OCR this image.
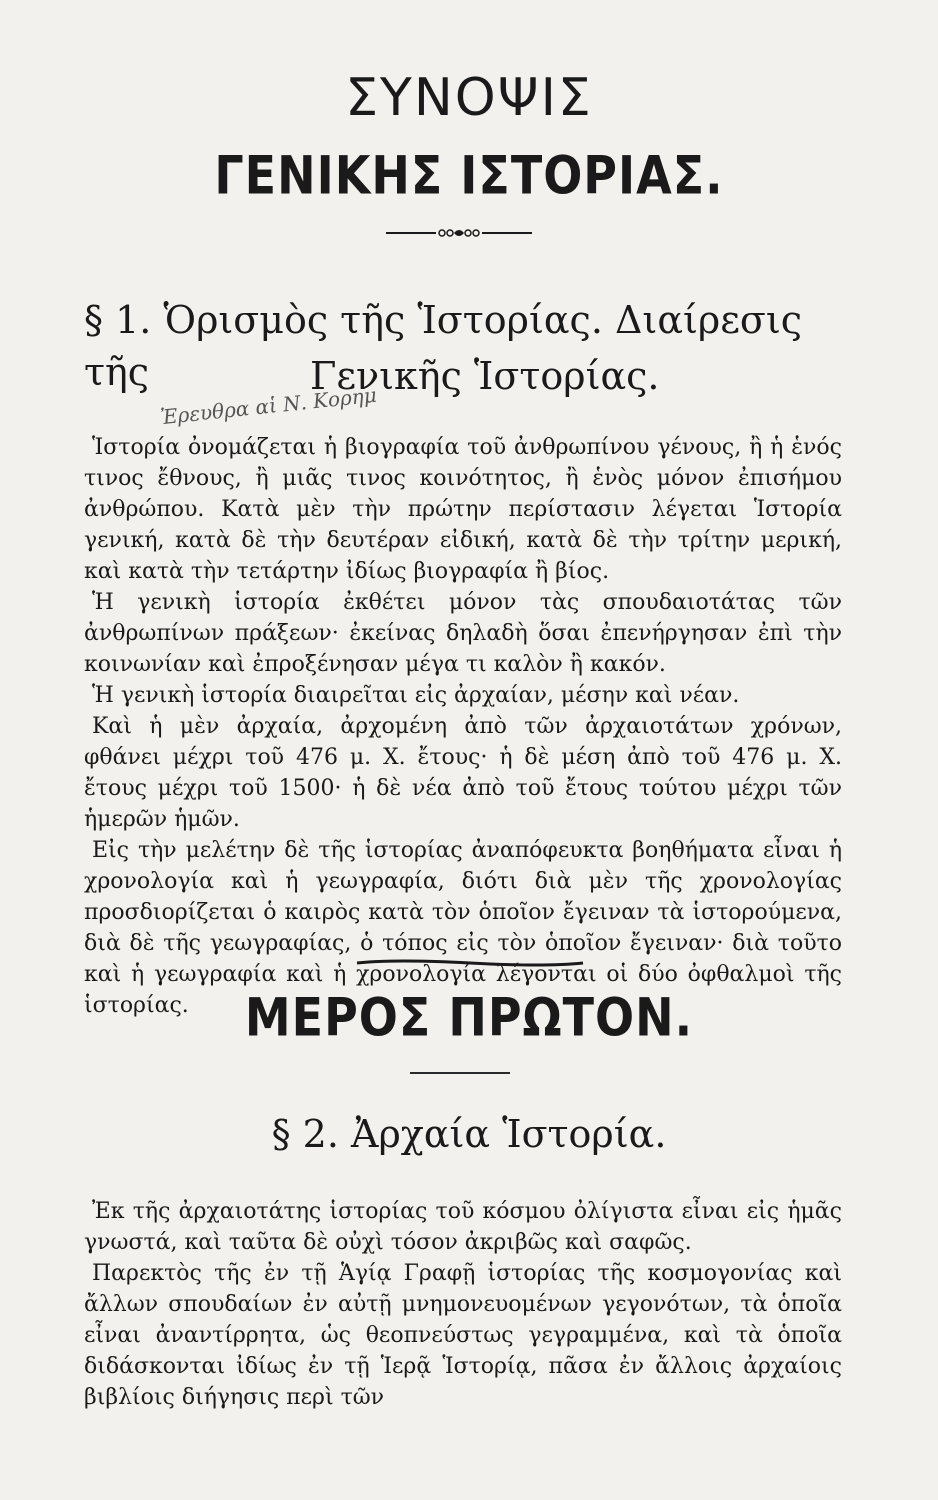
ΣΥΝΟΨΙΣ
ΓΕΝΙΚΗΣ ΙΣΤΟΡΙΑΣ.
§ 1. Ὁρισμὸς τῆς Ἱστορίας. Διαίρεσις τῆς	Γενικῆς Ἱστορίας.
Ἐρευθρα αἱ Ν. Κορημ

Ἱστορία ὀνομάζεται ἡ βιογραφία τοῦ ἀνθρωπίνου γένους, ἢ ἡ ἑνός τινος ἔθνους, ἢ μιᾶς τινος κοινότητος, ἢ ἑνὸς μόνον ἐπισήμου ἀνθρώπου. Κατὰ μὲν τὴν πρώτην περίστασιν λέγεται Ἱστορία γενική, κατὰ δὲ τὴν δευτέραν εἰδική, κατὰ δὲ τὴν τρίτην μερική, καὶ κατὰ τὴν τετάρτην ἰδίως βιογραφία ἢ βίος.

Ἡ γενικὴ ἱστορία ἐκθέτει μόνον τὰς σπουδαιοτάτας τῶν ἀνθρωπίνων πράξεων· ἐκείνας δηλαδὴ ὅσαι ἐπενήργησαν ἐπὶ τὴν κοινωνίαν καὶ ἐπροξένησαν μέγα τι καλὸν ἢ κακόν.

Ἡ γενικὴ ἱστορία διαιρεῖται εἰς ἀρχαίαν, μέσην καὶ νέαν.

Καὶ ἡ μὲν ἀρχαία, ἀρχομένη ἀπὸ τῶν ἀρχαιοτάτων χρόνων, φθάνει μέχρι τοῦ 476 μ. Χ. ἔτους· ἡ δὲ μέση ἀπὸ τοῦ 476 μ. Χ. ἔτους μέχρι τοῦ 1500· ἡ δὲ νέα ἀπὸ τοῦ ἔτους τούτου μέχρι τῶν ἡμερῶν ἡμῶν.

Εἰς τὴν μελέτην δὲ τῆς ἱστορίας ἀναπόφευκτα βοηθήματα εἶναι ἡ χρονολογία καὶ ἡ γεωγραφία, διότι διὰ μὲν τῆς χρονολογίας προσδιορίζεται ὁ καιρὸς κατὰ τὸν ὁποῖον ἔγειναν τὰ ἱστορούμενα, διὰ δὲ τῆς γεωγραφίας, ὁ τόπος εἰς τὸν ὁποῖον ἔγειναν· διὰ τοῦτο καὶ ἡ γεωγραφία καὶ ἡ χρονολογία λέγονται οἱ δύο ὀφθαλμοὶ τῆς ἱστορίας.	ΜΕΡΟΣ ΠΡΩΤΟΝ.
§ 2. Ἀρχαία Ἱστορία.

Ἐκ τῆς ἀρχαιοτάτης ἱστορίας τοῦ κόσμου ὀλίγιστα εἶναι εἰς ἡμᾶς γνωστά, καὶ ταῦτα δὲ οὐχὶ τόσον ἀκριβῶς καὶ σαφῶς.

Παρεκτὸς τῆς ἐν τῇ Ἁγίᾳ Γραφῇ ἱστορίας τῆς κοσμογονίας καὶ ἄλλων σπουδαίων ἐν αὐτῇ μνημονευομένων γεγονότων, τὰ ὁποῖα εἶναι ἀναντίρρητα, ὡς θεοπνεύστως γεγραμμένα, καὶ τὰ ὁποῖα διδάσκονται ἰδίως ἐν τῇ Ἱερᾷ Ἱστορίᾳ, πᾶσα ἐν ἄλλοις ἀρχαίοις βιβλίοις διήγησις περὶ τῶν
